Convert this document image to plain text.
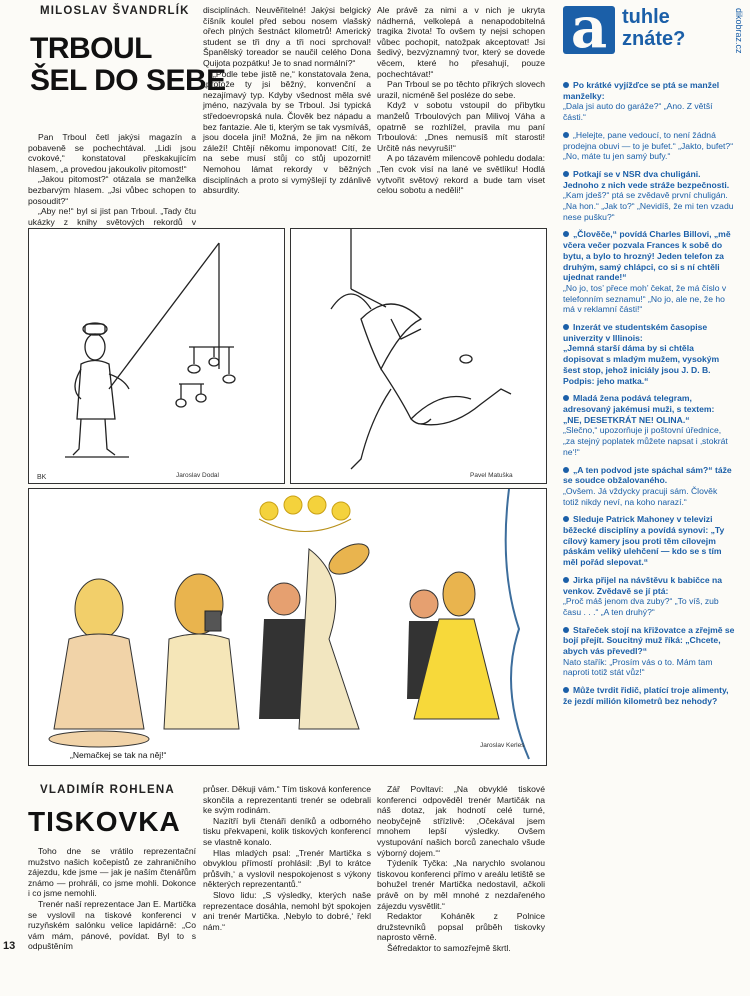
MILOSLAV ŠVANDRLÍK
TRBOUL
ŠEL DO SEBE

Pan Trboul četl jakýsi magazín a pobaveně se pochechtával. „Lidi jsou cvokové,“ konstatoval přeskakujícím hlasem, „a provedou jakoukoliv pitomost!“

„Jakou pitomost?“ otázala se manželka bezbarvým hlasem. „Jsi vůbec schopen to posoudit?“

„Aby ne!“ byl si jist pan Trboul. „Tady čtu ukázky z knihy světových rekordů v

disciplínách. Neuvěřitelné! Jakýsi belgický číšník koulel před sebou nosem vlašský ořech plných šestnáct kilometrů! Americký student se tři dny a tři noci sprchoval! Španělský toreador se naučil celého Dona Quijota pozpátku! Je to snad normální?“

„Podle tebe jistě ne,“ konstatovala žena, „protože ty jsi běžný, konvenční a nezajímavý typ. Kdyby všednost měla své jméno, nazývala by se Trboul. Jsi typická středoevropská nula. Člověk bez nápadu a bez fantazie. Ale ti, kterým se tak vysmíváš, jsou docela jiní! Možná, že jim na někom záleží! Chtějí někomu imponovat! Cítí, že na sebe musí stůj co stůj upozornit! Nemohou lámat rekordy v běžných disciplínách a proto si vymýšlejí ty zdánlivě absurdity.

Ale právě za nimi a v nich je ukryta nádherná, velkolepá a nenapodobitelná tragika života! To ovšem ty nejsi schopen vůbec pochopit, natožpak akceptovat! Jsi šedivý, bezvýznamný tvor, který se dovede věcem, které ho přesahují, pouze pochechtávat!“

Pan Trboul se po těchto příkrých slovech urazil, nicméně šel posléze do sebe.

Když v sobotu vstoupil do přibytku manželů Trboulových pan Milivoj Váha a opatrně se rozhlížel, pravila mu paní Trboulová: „Dnes nemusíš mít starosti! Určitě nás nevyruší!“

A po tázavém milencově pohledu dodala: „Ten cvok visí na lané ve světlíku! Hodlá vytvořit světový rekord a bude tam viset celou sobotu a neděli!“

BK	Jaroslav Dodal	Pavel Matuška
„Nemačkej se tak na něj!“
Jaroslav Kerles
VLADIMÍR ROHLENA
TISKOVKA

Toho dne se vrátilo reprezentační mužstvo našich kočepistů ze zahraničního zájezdu, kde jsme — jak je naším čtenářům známo — prohráli, co jsme mohli. Dokonce i co jsme nemohli.

Trenér naší reprezentace Jan E. Martička se vyslovil na tiskové konferenci v ruzyňském salónku velice lapidárně: „Co vám mám, pánové, povídat. Byl to s odpuštěním

průser. Děkuji vám.“ Tím tisková konference skončila a reprezentanti trenér se odebrali ke svým rodinám.

Nazítří byli čtenáři deníků a odborného tisku překvapeni, kolik tiskových konferencí se vlastně konalo.

Hlas mladých psal: „Trenér Martička s obvyklou přímostí prohlásil: ‚Byl to krátce průšvih,‘ a vyslovil nespokojenost s výkony některých reprezentantů.“

Slovo lidu: „S výsledky, kterých naše reprezentace dosáhla, nemohl být spokojen ani trenér Martička. ‚Nebylo to dobré,‘ řekl nám.“

Zář Povltaví: „Na obvyklé tiskové konferenci odpověděl trenér Martičák na náš dotaz, jak hodnotí celé turné, neobyčejně střízlivě: ‚Očekával jsem mnohem lepší výsledky. Ovšem vystupování našich borců zanechalo všude výborný dojem.‘“

Týdeník Tyčka: „Na narychlo svolanou tiskovou konferenci přímo v areálu letiště se bohužel trenér Martička nedostavil, ačkoli právě on by měl mnohé z nezdařeného zájezdu vysvětlit.“

Redaktor Koháněk z Polnice družstevníků popsal průběh tiskovky naprosto věrně.

Šéfredaktor to samozřejmě škrtl.

13
a tuhle
znáte?	dikobraz.cz
Po krátké vyjížďce se ptá se manžel manželky:
„Dala jsi auto do garáže?“ „Ano. Z větší části.“
„Helejte, pane vedoucí, to není žádná prodejna obuvi — to je bufet.“ „Jakto, bufet?“ „No, máte tu jen samý bufy.“
Potkají se v NSR dva chuligáni. Jednoho z nich vede stráže bezpečnosti.
„Kam jdeš?“ ptá se zvědavě první chuligán. „Na hon.“ „Jak to?“ „Nevidíš, že mi ten vzadu nese pušku?“
„Člověče,“ povídá Charles Billovi, „mě včera večer pozvala Frances k sobě do bytu, a bylo to hrozný! Jeden telefon za druhým, samý chlápci, co si s ní chtěli ujednat rande!“
„No jo, tos’ přece moh’ čekat, že má číslo v telefonním seznamu!“ „No jo, ale ne, že ho má v reklamní části!“
Inzerát ve studentském časopise univerzity v Illinois:
„Jemná starší dáma by si chtěla dopisovat s mladým mužem, vysokým šest stop, jehož iniciály jsou J. D. B. Podpis: jeho matka.“
Mladá žena podává telegram, adresovaný jakémusi muži, s textem: „NE, DESETKRÁT NE! OLINA.“
„Slečno,“ upozorňuje ji poštovní úřednice, „za stejný poplatek můžete napsat i ‚stokrát ne‘!“
„A ten podvod jste spáchal sám?“ táže se soudce obžalovaného.
„Ovšem. Já vždycky pracuji sám. Člověk totiž nikdy neví, na koho narazí.“
Sleduje Patrick Mahoney v televizi běžecké disciplíny a povídá synovi: „Ty cílový kamery jsou proti těm cílovejm páskám veliký ulehčení — kdo se s tím měl pořád slepovat.“
Jirka přijel na návštěvu k babičce na venkov. Zvědavě se jí ptá:
„Proč máš jenom dva zuby?“ „To víš, zub času . . .“ „A ten druhý?“
Stařeček stojí na křižovatce a zřejmě se bojí přejít. Soucitný muž říká: „Chcete, abych vás převedl?“
Nato stařík: „Prosím vás o to. Mám tam naproti totiž stát vůz!“
Může tvrdit řidič, platící troje alimenty, že jezdí milión kilometrů bez nehody?
